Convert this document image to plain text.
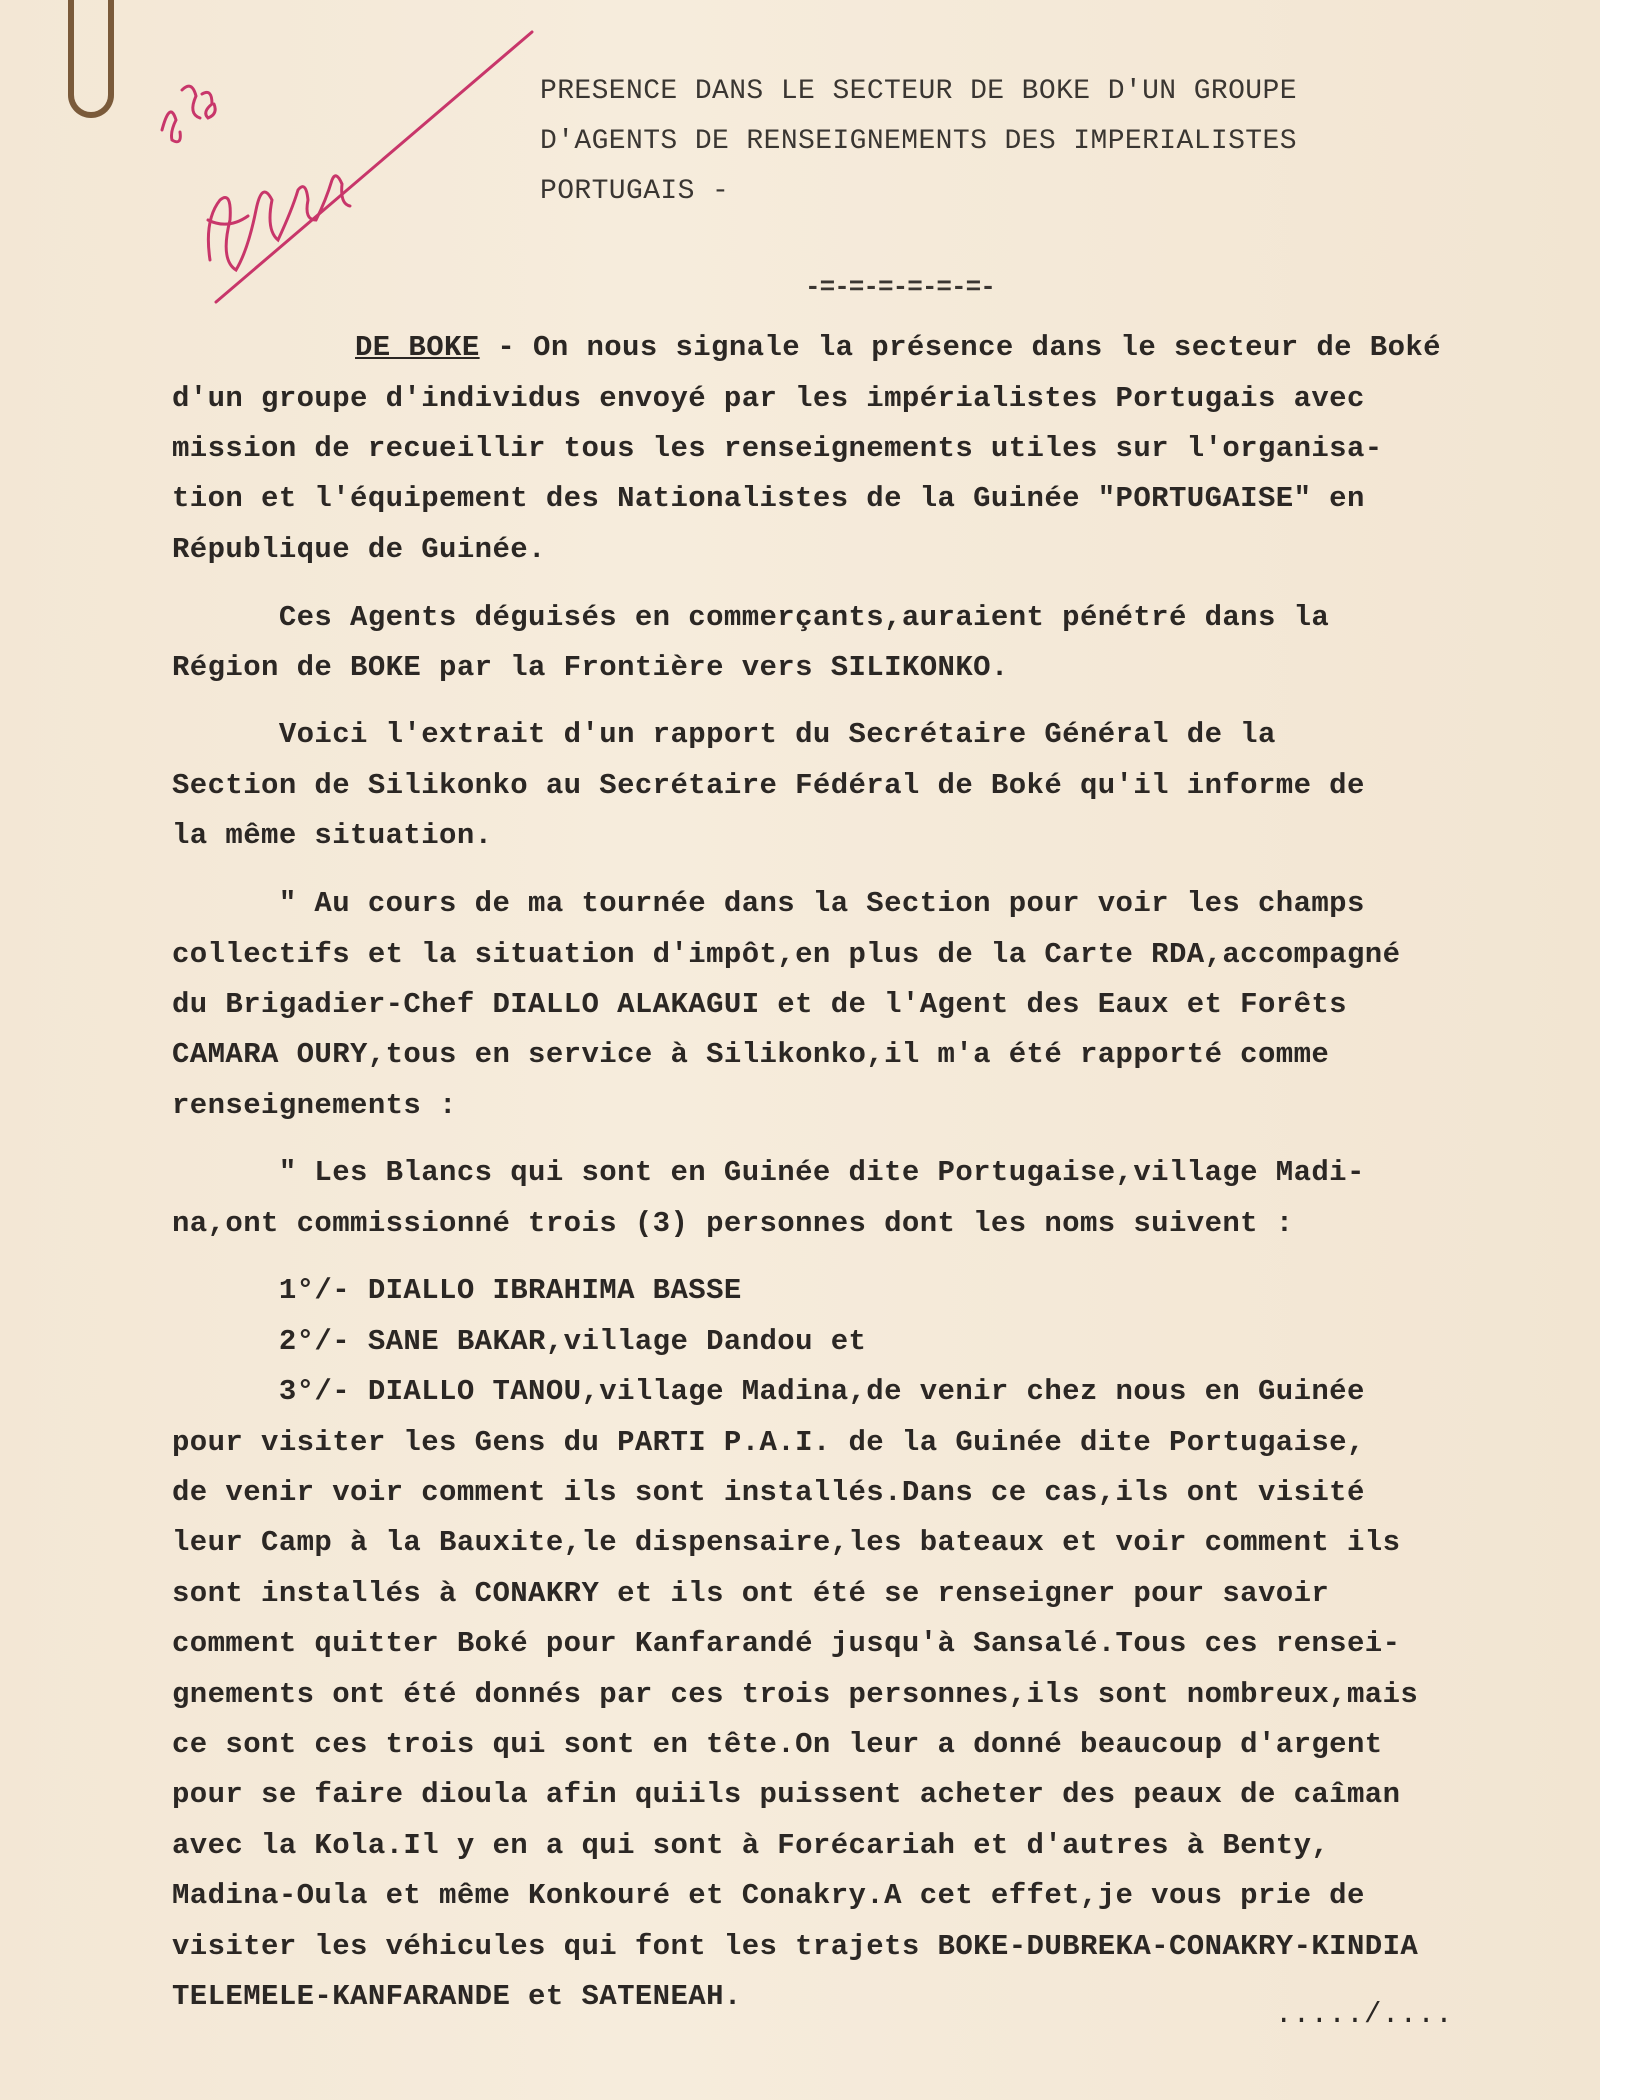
PRESENCE DANS LE SECTEUR DE BOKE D'UN GROUPE
D'AGENTS DE RENSEIGNEMENTS DES IMPERIALISTES
PORTUGAIS -
-=-=-=-=-=-=-
DE BOKE - On nous signale la présence dans le secteur de Boké
d'un groupe d'individus envoyé par les impérialistes Portugais avec
mission de recueillir tous les renseignements utiles sur l'organisa-
tion et l'équipement des Nationalistes de la Guinée "PORTUGAISE" en
République de Guinée.
Ces Agents déguisés en commerçants,auraient pénétré dans la
Région de BOKE par la Frontière vers SILIKONKO.
Voici l'extrait d'un rapport du Secrétaire Général de la
Section de Silikonko au Secrétaire Fédéral de Boké qu'il informe de
la même situation.
" Au cours de ma tournée dans la Section pour voir les champs
collectifs et la situation d'impôt,en plus de la Carte RDA,accompagné
du Brigadier-Chef DIALLO ALAKAGUI et de l'Agent des Eaux et Forêts
CAMARA OURY,tous en service à Silikonko,il m'a été rapporté comme
renseignements :
" Les Blancs qui sont en Guinée dite Portugaise,village Madi-
na,ont commissionné trois (3) personnes dont les noms suivent :
1°/- DIALLO IBRAHIMA BASSE
2°/- SANE BAKAR,village Dandou et
3°/- DIALLO TANOU,village Madina,de venir chez nous en Guinée
pour visiter les Gens du PARTI P.A.I. de la Guinée dite Portugaise,
de venir voir comment ils sont installés.Dans ce cas,ils ont visité
leur Camp à la Bauxite,le dispensaire,les bateaux et voir comment ils
sont installés à CONAKRY et ils ont été se renseigner pour savoir
comment quitter Boké pour Kanfarandé jusqu'à Sansalé.Tous ces rensei-
gnements ont été donnés par ces trois personnes,ils sont nombreux,mais
ce sont ces trois qui sont en tête.On leur a donné beaucoup d'argent
pour se faire dioula afin quiils puissent acheter des peaux de caîman
avec la Kola.Il y en a qui sont à Forécariah et d'autres à Benty,
Madina-Oula et même Konkouré et Conakry.A cet effet,je vous prie de
visiter les véhicules qui font les trajets BOKE-DUBREKA-CONAKRY-KINDIA
TELEMELE-KANFARANDE et SATENEAH.
...../....
